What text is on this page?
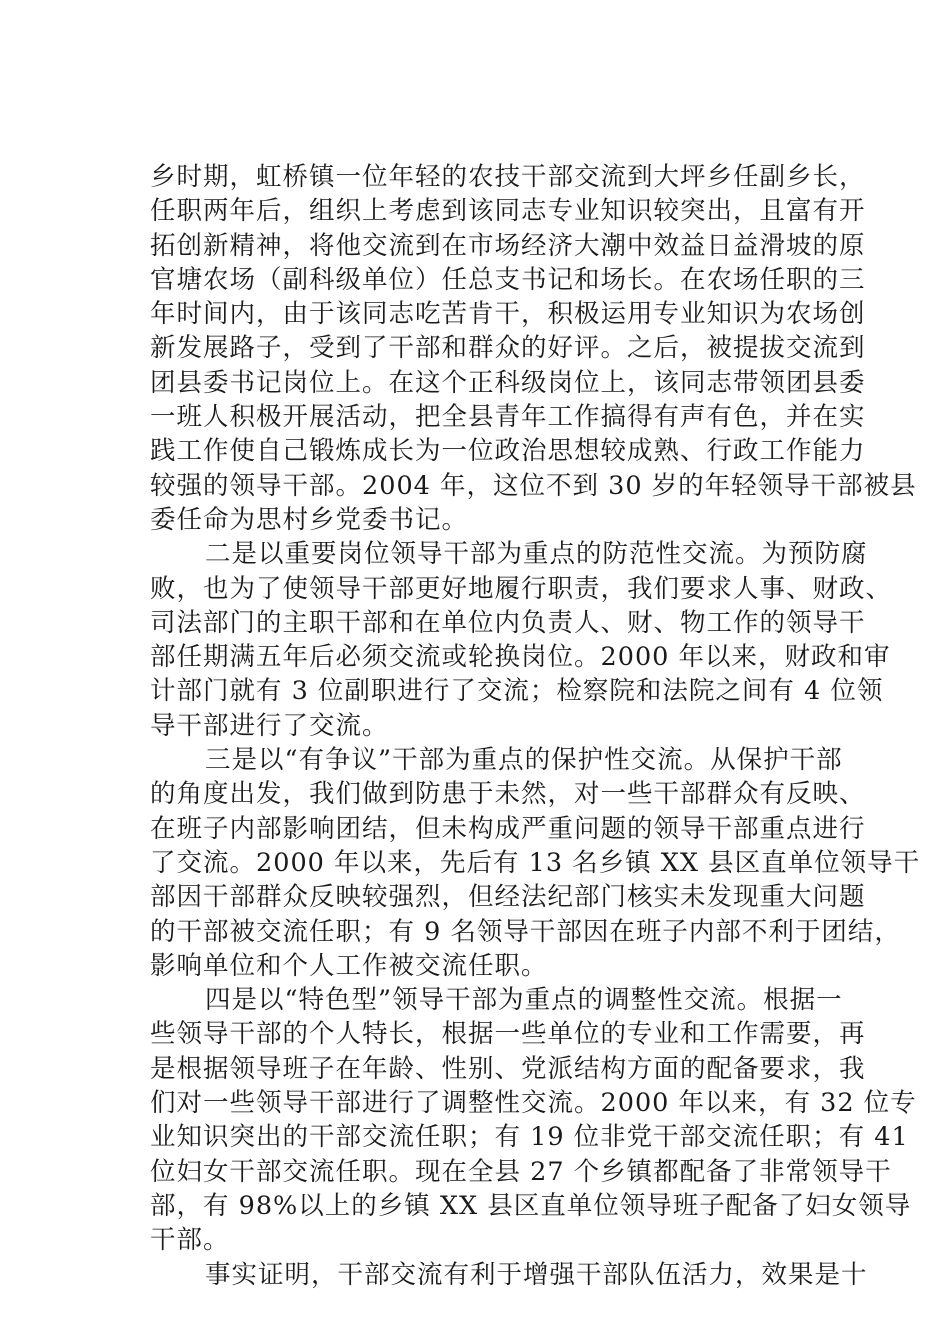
乡时期，虹桥镇一位年轻的农技干部交流到大坪乡任副乡长，
任职两年后，组织上考虑到该同志专业知识较突出，且富有开
拓创新精神，将他交流到在市场经济大潮中效益日益滑坡的原
官塘农场（副科级单位）任总支书记和场长。在农场任职的三
年时间内，由于该同志吃苦肯干，积极运用专业知识为农场创
新发展路子，受到了干部和群众的好评。之后，被提拔交流到
团县委书记岗位上。在这个正科级岗位上，该同志带领团县委
一班人积极开展活动，把全县青年工作搞得有声有色，并在实
践工作使自己锻炼成长为一位政治思想较成熟、行政工作能力
较强的领导干部。2004 年，这位不到 30 岁的年轻领导干部被县
委任命为思村乡党委书记。
二是以重要岗位领导干部为重点的防范性交流。为预防腐
败，也为了使领导干部更好地履行职责，我们要求人事、财政、
司法部门的主职干部和在单位内负责人、财、物工作的领导干
部任期满五年后必须交流或轮换岗位。2000 年以来，财政和审
计部门就有 3 位副职进行了交流；检察院和法院之间有 4 位领
导干部进行了交流。
三是以“有争议”干部为重点的保护性交流。从保护干部
的角度出发，我们做到防患于未然，对一些干部群众有反映、
在班子内部影响团结，但未构成严重问题的领导干部重点进行
了交流。2000 年以来，先后有 13 名乡镇 XX 县区直单位领导干
部因干部群众反映较强烈，但经法纪部门核实未发现重大问题
的干部被交流任职；有 9 名领导干部因在班子内部不利于团结，
影响单位和个人工作被交流任职。
四是以“特色型”领导干部为重点的调整性交流。根据一
些领导干部的个人特长，根据一些单位的专业和工作需要，再
是根据领导班子在年龄、性别、党派结构方面的配备要求，我
们对一些领导干部进行了调整性交流。2000 年以来，有 32 位专
业知识突出的干部交流任职；有 19 位非党干部交流任职；有 41
位妇女干部交流任职。现在全县 27 个乡镇都配备了非常领导干
部，有 98%以上的乡镇 XX 县区直单位领导班子配备了妇女领导
干部。
事实证明，干部交流有利于增强干部队伍活力，效果是十
